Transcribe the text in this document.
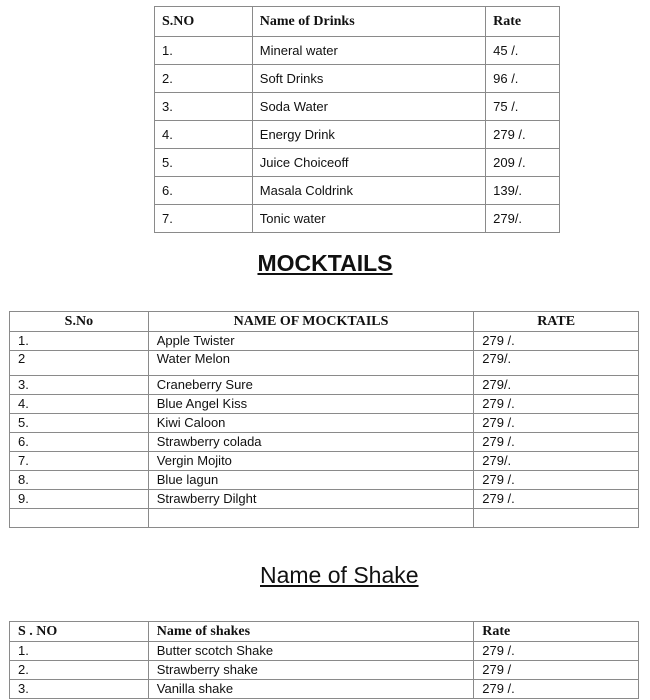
S.NO	Name of Drinks	Rate
1.	Mineral water	45 /.
2.	Soft Drinks	96 /.
3.	Soda Water	75 /.
4.	Energy Drink	279 /.
5.	Juice Choiceoff	209 /.
6.	Masala Coldrink	139/.
7.	Tonic water	279/.
MOCKTAILS
S.No	NAME OF MOCKTAILS	RATE
1.	Apple Twister	279 /.
2	Water Melon	279/.
3.	Craneberry Sure	279/.
4.	Blue Angel Kiss	279 /.
5.	Kiwi Caloon	279 /.
6.	Strawberry colada	279 /.
7.	Vergin Mojito	279/.
8.	Blue lagun	279 /.
9.	Strawberry Dilght	279 /.

Name of Shake
S . NO	Name of shakes	Rate
1.	Butter scotch Shake	279 /.
2.	Strawberry shake	279 /
3.	Vanilla shake	279 /.
